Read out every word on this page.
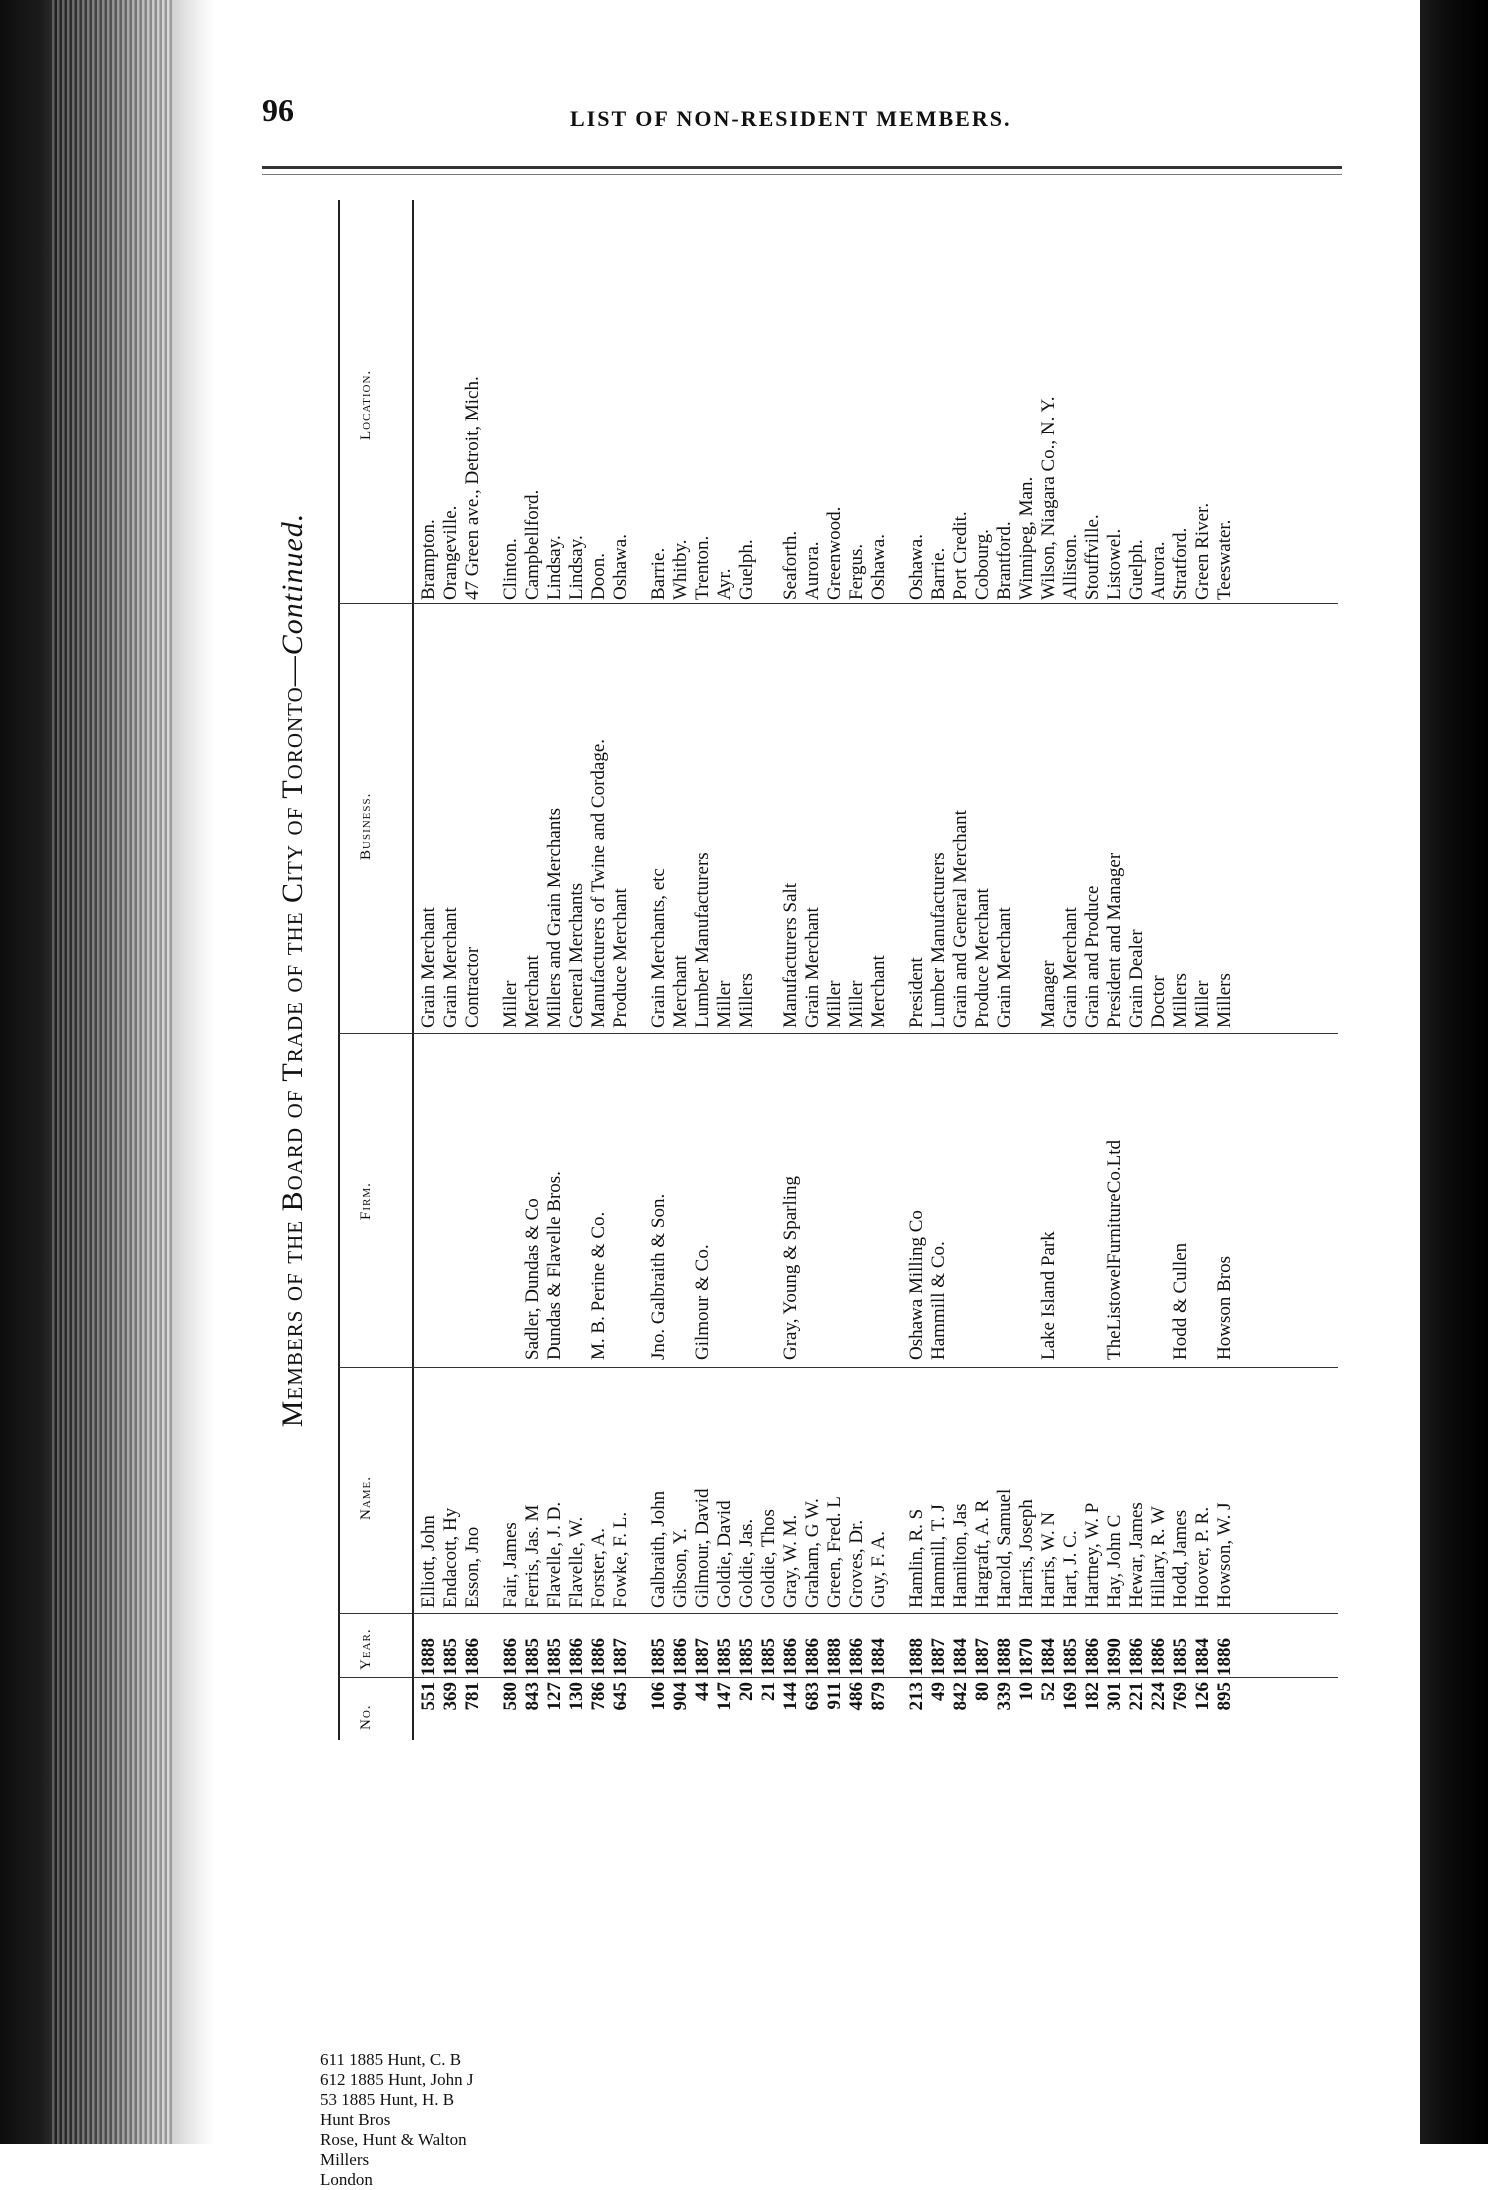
96	LIST OF NON-RESIDENT MEMBERS.
Members of the Board of Trade of the City of Toronto—Continued.
No.
Year.
Name.
Firm.
Business.
Location.
551
1888
Elliott, John
Grain Merchant
Brampton.
369
1885
Endacott, Hy
Grain Merchant
Orangeville.
781
1886
Esson, Jno
Contractor
47 Green ave., Detroit, Mich.
580
1886
Fair, James
Miller
Clinton.
843
1885
Ferris, Jas. M
Sadler, Dundas & Co
Merchant
Campbellford.
127
1885
Flavelle, J. D.
Dundas & Flavelle Bros.
Millers and Grain Merchants
Lindsay.
130
1886
Flavelle, W.
General Merchants
Lindsay.
786
1886
Forster, A.
M. B. Perine & Co.
Manufacturers of Twine and Cordage.
Doon.
645
1887
Fowke, F. L.
Produce Merchant
Oshawa.
106
1885
Galbraith, John
Jno. Galbraith & Son.
Grain Merchants, etc
Barrie.
904
1886
Gibson, Y.
Merchant
Whitby.
44
1887
Gilmour, David
Gilmour & Co.
Lumber Manufacturers
Trenton.
147
1885
Goldie, David
Miller
Ayr.
20
1885
Goldie, Jas.
Millers
Guelph.
21
1885
Goldie, Thos
144
1886
Gray, W. M.
Gray, Young & Sparling
Manufacturers Salt
Seaforth.
683
1886
Graham, G W.
Grain Merchant
Aurora.
911
1888
Green, Fred. L
Miller
Greenwood.
486
1886
Groves, Dr.
Miller
Fergus.
879
1884
Guy, F. A.
Merchant
Oshawa.
213
1888
Hamlin, R. S
Oshawa Milling Co
President
Oshawa.
49
1887
Hammill, T. J
Hammill & Co.
Lumber Manufacturers
Barrie.
842
1884
Hamilton, Jas
Grain and General Merchant
Port Credit.
80
1887
Hargraft, A. R
Produce Merchant
Cobourg.
339
1888
Harold, Samuel
Grain Merchant
Brantford.
10
1870
Harris, Joseph
Winnipeg, Man.
52
1884
Harris, W. N
Lake Island Park
Manager
Wilson, Niagara Co., N. Y.
169
1885
Hart, J. C.
Grain Merchant
Alliston.
182
1886
Hartney, W. P
Grain and Produce
Stouffville.
301
1890
Hay, John C
TheListowelFurnitureCo.Ltd
President and Manager
Listowel.
221
1886
Hewar, James
Grain Dealer
Guelph.
224
1886
Hillary, R. W
Doctor
Aurora.
769
1885
Hodd, James
Hodd & Cullen
Millers
Stratford.
126
1884
Hoover, P. R.
Miller
Green River.
895
1886
Howson, W. J
Howson Bros
Millers
Teeswater.
611 1885 Hunt, C. B
612 1885 Hunt, John J
53 1885 Hunt, H. B
Hunt Bros
Rose, Hunt & Walton
Millers
London
